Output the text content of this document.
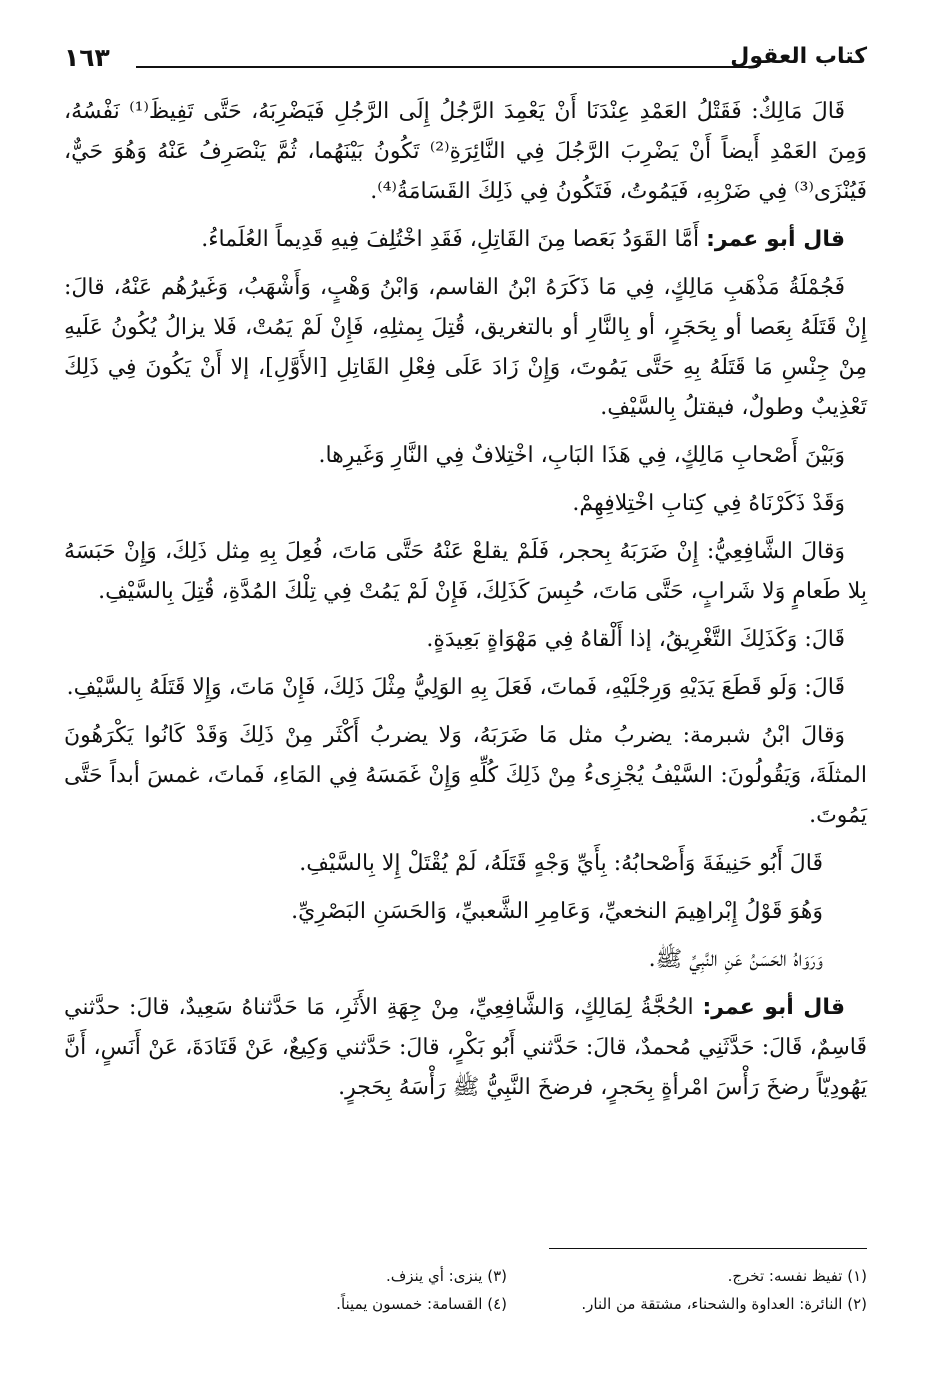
كتاب العقول
١٦٣

قَالَ مَالِكٌ: فَقَتْلُ العَمْدِ عِنْدَنَا أَنْ يَعْمِدَ الرَّجُلُ إِلَى الرَّجُلِ فَيَضْرِبَهُ، حَتَّى تَفِيظَ⁽¹⁾ نَفْسُهُ، وَمِنَ العَمْدِ أَيضاً أَنْ يَضْرِبَ الرَّجُلَ فِي النَّائِرَةِ⁽²⁾ تَكُونُ بَيْنَهُما، ثُمَّ يَنْصَرِفُ عَنْهُ وَهُوَ حَيٌّ، فَيُنْزَى⁽³⁾ فِي ضَرْبِهِ، فَيَمُوتُ، فَتَكُونُ فِي ذَلِكَ القَسَامَةُ⁽⁴⁾.

قال أبو عمر: أَمَّا القَوَدُ بَعَصا مِنَ القَاتِلِ، فَقَدِ اخْتُلِفَ فِيهِ قَدِيماً العُلَماءُ.

فَجُمْلَةُ مَذْهَبِ مَالِكٍ، فِي مَا ذَكَرَهُ ابْنُ القاسم، وَابْنُ وَهْبٍ، وَأَشْهَبُ، وَغَيرُهُم عَنْهُ، قالَ: إِنْ قَتَلَهُ بِعَصا أو بِحَجَرٍ، أو بِالنَّارِ أو بالتغريق، قُتِلَ بِمثلِهِ، فَإِنْ لَمْ يَمُتْ، فَلا يزالُ يُكُونُ عَلَيهِ مِنْ جِنْسِ مَا قَتَلَهُ بِهِ حَتَّى يَمُوتَ، وَإِنْ زَادَ عَلَى فِعْلِ القَاتِلِ [الأَوَّلِ]، إلا أَنْ يَكُونَ فِي ذَلِكَ تَعْذِيبٌ وطولٌ، فيقتلُ بِالسَّيْفِ.

وَبَيْنَ أَصْحابِ مَالِكٍ، فِي هَذَا البَابِ، اخْتِلافٌ فِي النَّارِ وَغَيرِها.

وَقَدْ ذَكَرْنَاهُ فِي كِتابِ اخْتِلافِهِمْ.

وَقالَ الشَّافِعِيُّ: إِنْ ضَرَبَهُ بِحجر، فَلَمْ يقلعْ عَنْهُ حَتَّى مَاتَ، فُعِلَ بِهِ مِثل ذَلِكَ، وَإِنْ حَبَسَهُ بِلا طَعامٍ وَلا شَرابٍ، حَتَّى مَاتَ، حُبِسَ كَذَلِكَ، فَإِنْ لَمْ يَمُتْ فِي تِلْكَ المُدَّةِ، قُتِلَ بِالسَّيْفِ.

قَالَ: وَكَذَلِكَ التَّغْرِيقُ، إذا أَلْقاهُ فِي مَهْوَاةٍ بَعِيدَةٍ.

قَالَ: وَلَو قَطَعَ يَدَيْهِ وَرِجْلَيْهِ، فَماتَ، فَعَلَ بِهِ الوَلِيُّ مِثْلَ ذَلِكَ، فَإِنْ مَاتَ، وَإِلا قَتَلَهُ بِالسَّيْفِ.

وَقالَ ابْنُ شبرمة: يضربُ مثل مَا ضَرَبَهُ، وَلا يضربُ أَكْثَر مِنْ ذَلِكَ وَقَدْ كَانُوا يَكْرَهُونَ المثلَةَ، وَيَقُولُونَ: السَّيْفُ يُجْزِىءُ مِنْ ذَلِكَ كُلِّهِ وَإِنْ غَمَسَهُ فِي المَاءِ، فَماتَ، غمسَ أبداً حَتَّى يَمُوتَ.

قَالَ أَبُو حَنِيفَةَ وَأَصْحابُهُ: بِأَيِّ وَجْهٍ قَتَلَهُ، لَمْ يُقْتَلْ إِلا بِالسَّيْفِ.

وَهُوَ قَوْلُ إِبْراهِيمَ النخعيِّ، وَعَامِرِ الشَّعبيِّ، وَالحَسَنِ البَصْرِيِّ.

وَرَوَاهُ الحَسَنُ عَنِ النَّبِيِّ ﷺ.

قال أبو عمر: الحُجَّةُ لِمَالِكٍ، وَالشَّافِعِيِّ، مِنْ جِهَةِ الأَثَرِ، مَا حَدَّثناهُ سَعِيدٌ، قالَ: حدَّثني قَاسِمٌ، قَالَ: حَدَّثَنِي مُحمدٌ، قالَ: حَدَّثني أَبُو بَكْرٍ، قالَ: حَدَّثني وَكِيعٌ، عَنْ قَتَادَةَ، عَنْ أَنَسٍ، أَنَّ يَهُودِيّاً رضخَ رَأْسَ امْرأةٍ بِحَجرٍ، فرضخَ النَّبِيُّ ﷺ رَأْسَهُ بِحَجرٍ.

(١) تفيظ نفسه: تخرج.
(٣) ينزى: أي ينزف.
(٢) النائرة: العداوة والشحناء، مشتقة من النار.
(٤) القسامة: خمسون يميناً.
